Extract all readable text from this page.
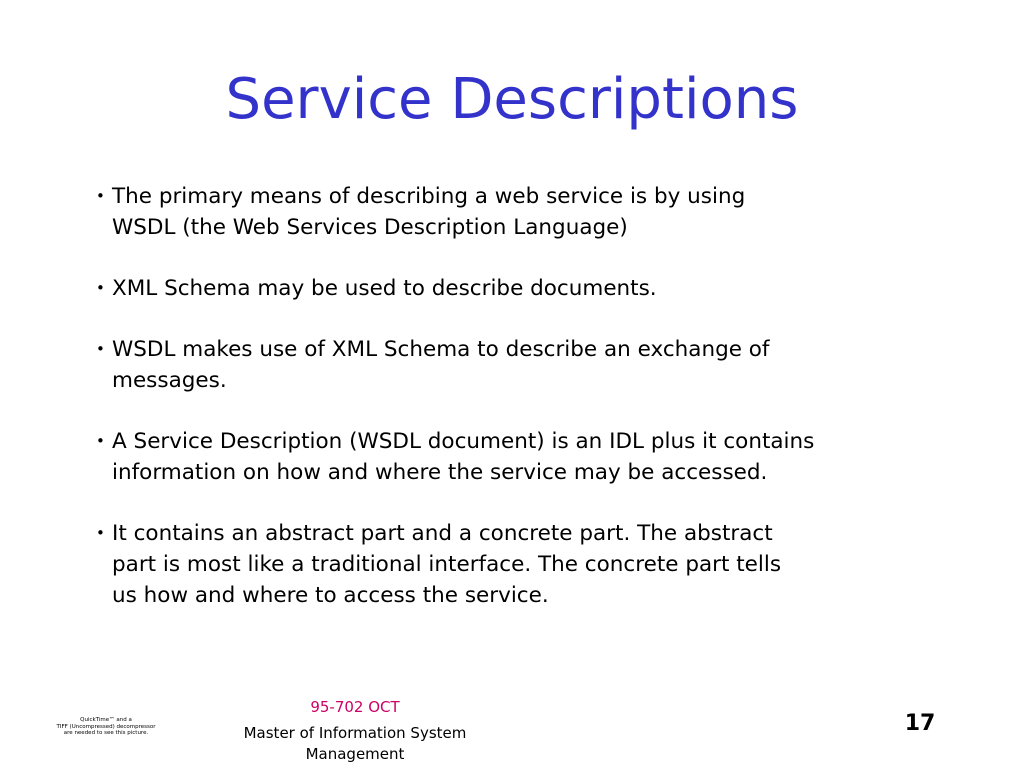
Service Descriptions
• The primary means of describing a web service is by using
WSDL (the Web Services Description Language)
• XML Schema may be used to describe documents.
• WSDL makes use of XML Schema to describe an exchange of
messages.
• A Service Description (WSDL document) is an IDL plus it contains
information on how and where the service may be accessed.
• It contains an abstract part and a concrete part. The abstract
part is most like a traditional interface. The concrete part tells
us how and where to access the service.
QuickTime™ and a
TIFF (Uncompressed) decompressor
are needed to see this picture.
95-702 OCT
Master of Information System
Management
17
